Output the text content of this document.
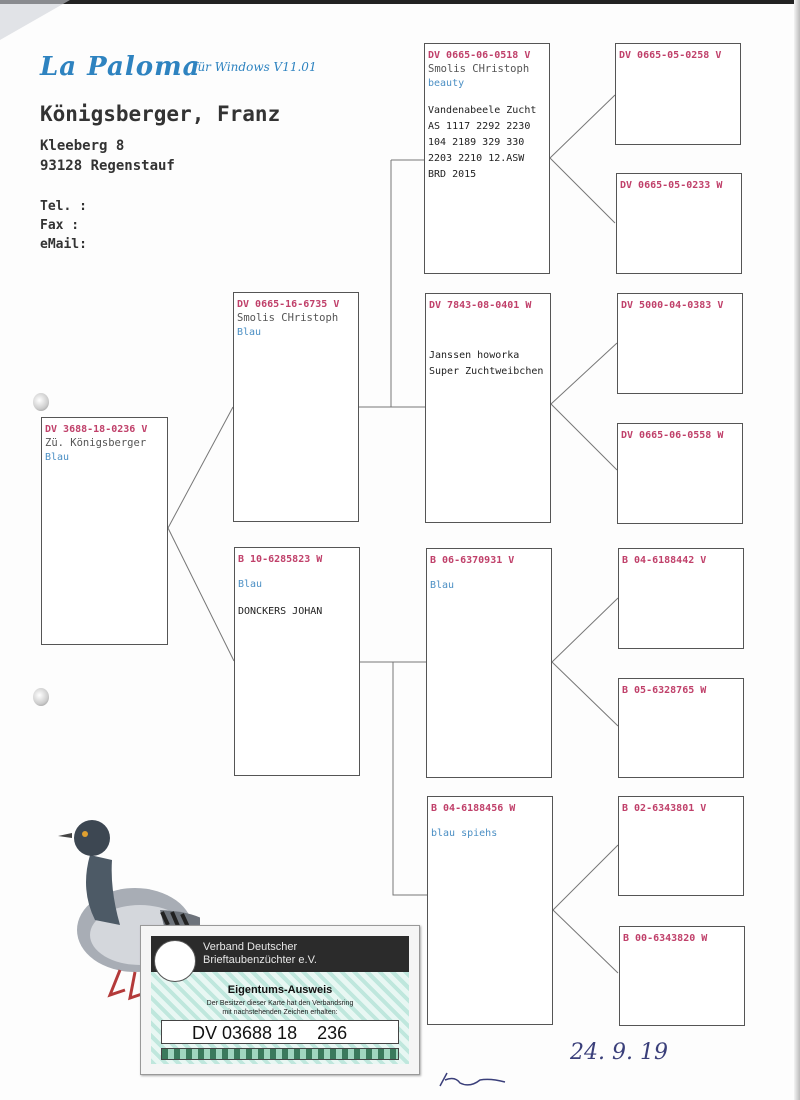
La Paloma
für Windows V11.01
Königsberger, Franz
Kleeberg 8
93128 Regenstauf
Tel. :
Fax :
eMail:
DV 3688-18-0236 V
Zü. Königsberger
Blau
DV 0665-16-6735 V
Smolis CHristoph
Blau
B 10-6285823 W
Blau
DONCKERS JOHAN
DV 0665-06-0518 V
Smolis CHristoph
beauty
Vandenabeele Zucht
AS 1117 2292 2230
104 2189 329 330
2203 2210 12.ASW
BRD 2015
DV 7843-08-0401 W
Janssen howorka
Super Zuchtweibchen
B 06-6370931 V
Blau
B 04-6188456 W
blau spiehs
DV 0665-05-0258 V
DV 0665-05-0233 W
DV 5000-04-0383 V
DV 0665-06-0558 W
B 04-6188442 V
B 05-6328765 W
B 02-6343801 V
B 00-6343820 W
Verband Deutscher
Brieftaubenzüchter e.V.
Eigentums-Ausweis
Der Besitzer dieser Karte hat den Verbandsring
mit nachstehenden Zeichen erhalten:
DV 03688 18    236
24. 9. 19
